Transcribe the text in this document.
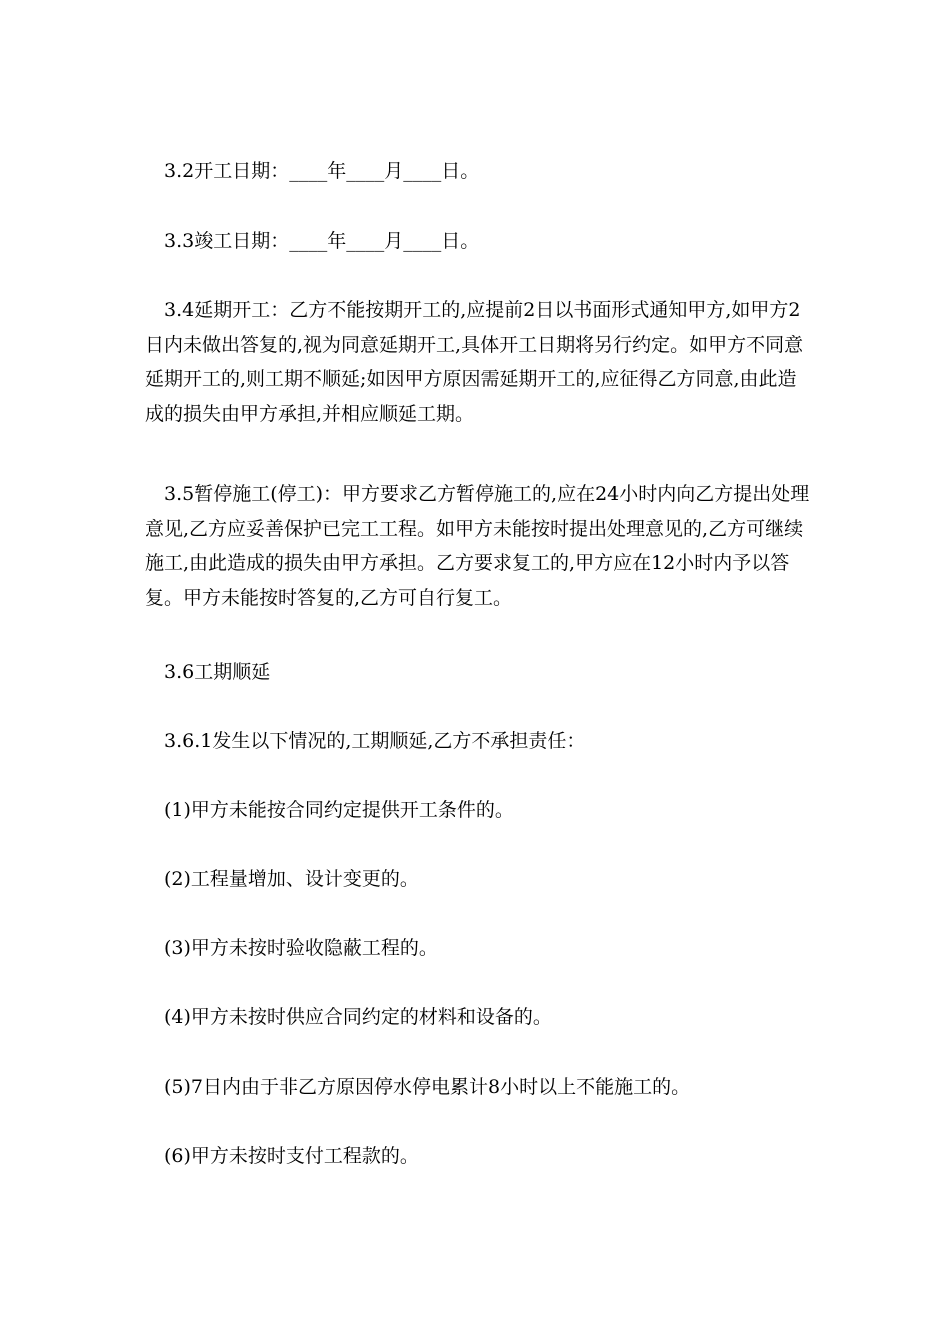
3.2开工日期：____年____月____日。

3.3竣工日期：____年____月____日。

3.4延期开工：乙方不能按期开工的,应提前2日以书面形式通知甲方,如甲方2日内未做出答复的,视为同意延期开工,具体开工日期将另行约定。如甲方不同意延期开工的,则工期不顺延;如因甲方原因需延期开工的,应征得乙方同意,由此造成的损失由甲方承担,并相应顺延工期。

3.5暂停施工(停工)：甲方要求乙方暂停施工的,应在24小时内向乙方提出处理意见,乙方应妥善保护已完工工程。如甲方未能按时提出处理意见的,乙方可继续施工,由此造成的损失由甲方承担。乙方要求复工的,甲方应在12小时内予以答复。甲方未能按时答复的,乙方可自行复工。

3.6工期顺延

3.6.1发生以下情况的,工期顺延,乙方不承担责任：

(1)甲方未能按合同约定提供开工条件的。

(2)工程量增加、设计变更的。

(3)甲方未按时验收隐蔽工程的。

(4)甲方未按时供应合同约定的材料和设备的。

(5)7日内由于非乙方原因停水停电累计8小时以上不能施工的。

(6)甲方未按时支付工程款的。
